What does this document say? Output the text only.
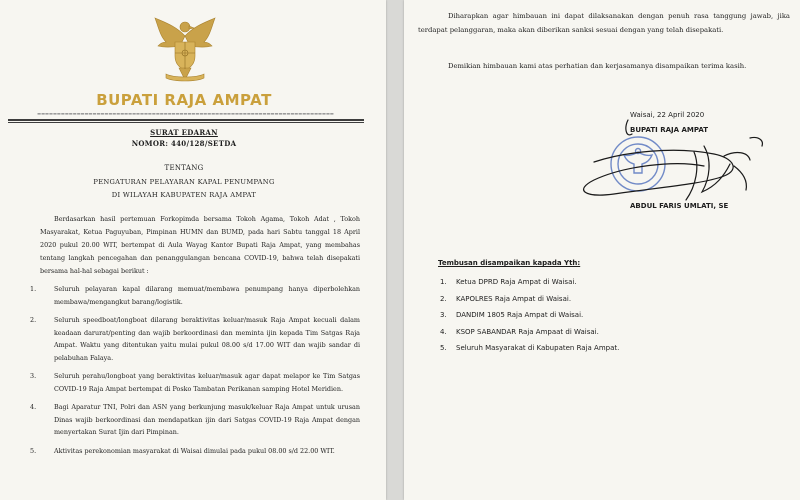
BUPATI RAJA AMPAT
▬▬▬▬▬▬▬▬▬▬▬▬▬▬▬▬▬▬▬▬▬▬▬▬▬▬▬▬▬▬▬▬▬▬▬▬▬▬▬▬▬▬▬▬▬▬▬▬▬▬▬▬▬▬▬▬▬▬▬▬▬▬▬▬▬▬▬▬▬▬▬▬▬▬▬
SURAT EDARAN
NOMOR: 440/128/SETDA
TENTANG
PENGATURAN PELAYARAN KAPAL PENUMPANG
DI WILAYAH KABUPATEN RAJA AMPAT

Berdasarkan hasil pertemuan Forkopimda bersama Tokoh Agama, Tokoh Adat , Tokoh Masyarakat, Ketua Paguyuban, Pimpinan HUMN dan BUMD, pada hari Sabtu tanggal 18 April 2020 pukul 20.00 WIT, bertempat di Aula Wayag Kantor Bupati Raja Ampat, yang membahas tentang langkah pencegahan dan penanggulangan bencana COVID-19, bahwa telah disepakati bersama hal-hal sebagai berikut :

1.	Seluruh pelayaran kapal dilarang memuat/membawa penumpang hanya diperbolehkan membawa/mengangkut barang/logistik.
2.	Seluruh speedboat/longboat dilarang beraktivitas keluar/masuk Raja Ampat kecuali dalam keadaan darurat/penting dan wajib berkoordinasi dan meminta ijin kepada Tim Satgas Raja Ampat. Waktu yang ditentukan yaitu mulai pukul 08.00 s/d 17.00 WIT dan wajib sandar di pelabuhan Falaya.
3.	Seluruh perahu/longboat yang beraktivitas keluar/masuk agar dapat melapor ke Tim Satgas COVID-19 Raja Ampat bertempat di Posko Tambatan Perikanan samping Hotel Meridien.
4.	Bagi Aparatur TNI, Polri dan ASN yang berkunjung masuk/keluar Raja Ampat untuk urusan Dinas wajib berkoordinasi dan mendapatkan ijin dari Satgas COVID-19 Raja Ampat dengan menyertakan Surat Ijin dari Pimpinan.
5.	Aktivitas perekonomian masyarakat di Waisai dimulai pada pukul 08.00 s/d 22.00 WIT.

Diharapkan agar himbauan ini dapat dilaksanakan dengan penuh rasa tanggung jawab, jika terdapat pelanggaran, maka akan diberikan sanksi sesuai dengan yang telah disepakati.

Demikian himbauan kami atas perhatian dan kerjasamanya disampaikan terima kasih.

Waisai, 22 April 2020
BUPATI RAJA AMPAT
ABDUL FARIS UMLATI, SE
Tembusan disampaikan kapada Yth:
1. Ketua DPRD Raja Ampat di Waisai.
2. KAPOLRES Raja Ampat di Waisai.
3. DANDIM 1805 Raja Ampat di Waisai.
4. KSOP SABANDAR Raja Ampaat di Waisai.
5. Seluruh Masyarakat di Kabupaten Raja Ampat.
